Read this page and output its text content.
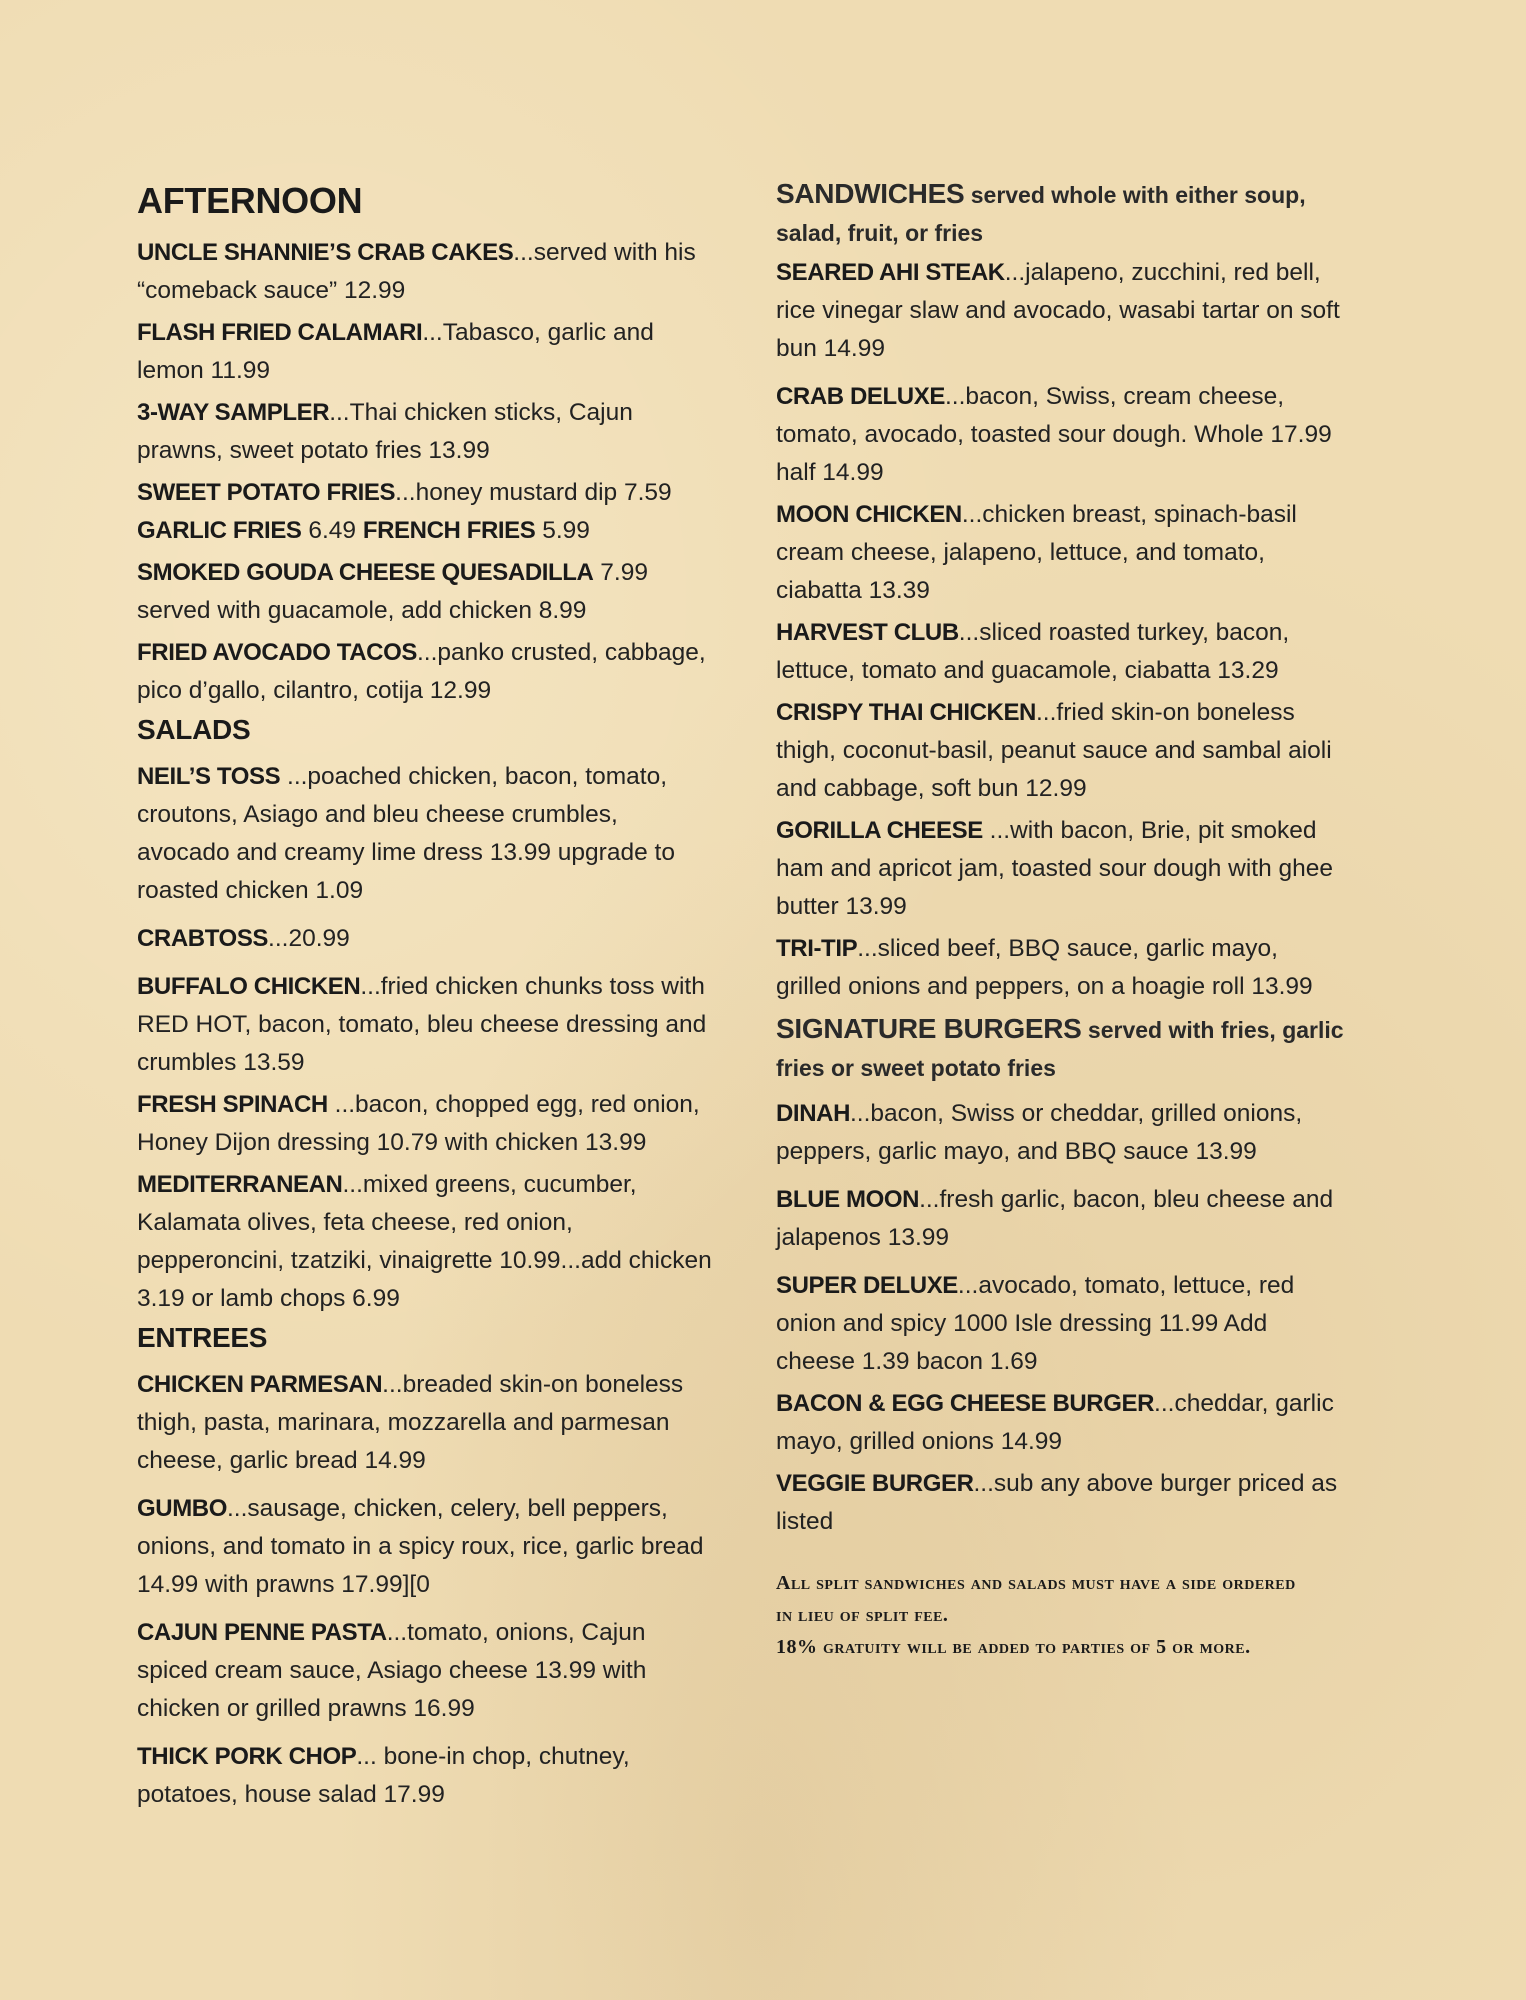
AFTERNOON
UNCLE SHANNIE’S CRAB CAKES...served with his “comeback sauce” 12.99
FLASH FRIED CALAMARI...Tabasco, garlic and lemon 11.99
3-WAY SAMPLER...Thai chicken sticks, Cajun prawns, sweet potato fries 13.99
SWEET POTATO FRIES...honey mustard dip 7.59 GARLIC FRIES 6.49 FRENCH FRIES 5.99
SMOKED GOUDA CHEESE QUESADILLA 7.99 served with guacamole, add chicken 8.99
FRIED AVOCADO TACOS...panko crusted, cabbage, pico d’gallo, cilantro, cotija 12.99
SALADS
NEIL’S TOSS ...poached chicken, bacon, tomato, croutons, Asiago and bleu cheese crumbles, avocado and creamy lime dress 13.99 upgrade to roasted chicken 1.09
CRABTOSS...20.99
BUFFALO CHICKEN...fried chicken chunks toss with RED HOT, bacon, tomato, bleu cheese dressing and crumbles 13.59
FRESH SPINACH ...bacon, chopped egg, red onion, Honey Dijon dressing 10.79 with chicken 13.99
MEDITERRANEAN...mixed greens, cucumber, Kalamata olives, feta cheese, red onion, pepperoncini, tzatziki, vinaigrette 10.99...add chicken 3.19 or lamb chops 6.99
ENTREES
CHICKEN PARMESAN...breaded skin-on boneless thigh, pasta, marinara, mozzarella and parmesan cheese, garlic bread 14.99
GUMBO...sausage, chicken, celery, bell peppers, onions, and tomato in a spicy roux, rice, garlic bread 14.99 with prawns 17.99][0
CAJUN PENNE PASTA...tomato, onions, Cajun spiced cream sauce, Asiago cheese 13.99 with chicken or grilled prawns 16.99
THICK PORK CHOP... bone-in chop, chutney, potatoes, house salad 17.99
SANDWICHES served whole with either soup, salad, fruit, or fries
SEARED AHI STEAK...jalapeno, zucchini, red bell, rice vinegar slaw and avocado, wasabi tartar on soft bun 14.99
CRAB DELUXE...bacon, Swiss, cream cheese, tomato, avocado, toasted sour dough. Whole 17.99 half 14.99
MOON CHICKEN...chicken breast, spinach-basil cream cheese, jalapeno, lettuce, and tomato, ciabatta 13.39
HARVEST CLUB...sliced roasted turkey, bacon, lettuce, tomato and guacamole, ciabatta 13.29
CRISPY THAI CHICKEN...fried skin-on boneless thigh, coconut-basil, peanut sauce and sambal aioli and cabbage, soft bun 12.99
GORILLA CHEESE ...with bacon, Brie, pit smoked ham and apricot jam, toasted sour dough with ghee butter 13.99
TRI-TIP...sliced beef, BBQ sauce, garlic mayo, grilled onions and peppers, on a hoagie roll 13.99
SIGNATURE BURGERS served with fries, garlic fries or sweet potato fries
DINAH...bacon, Swiss or cheddar, grilled onions, peppers, garlic mayo, and BBQ sauce 13.99
BLUE MOON...fresh garlic, bacon, bleu cheese and jalapenos 13.99
SUPER DELUXE...avocado, tomato, lettuce, red onion and spicy 1000 Isle dressing 11.99 Add cheese 1.39 bacon 1.69
BACON & EGG CHEESE BURGER...cheddar, garlic mayo, grilled onions 14.99
VEGGIE BURGER...sub any above burger priced as listed
All split sandwiches and salads must have a side ordered in lieu of split fee.
18% gratuity will be added to parties of 5 or more.
